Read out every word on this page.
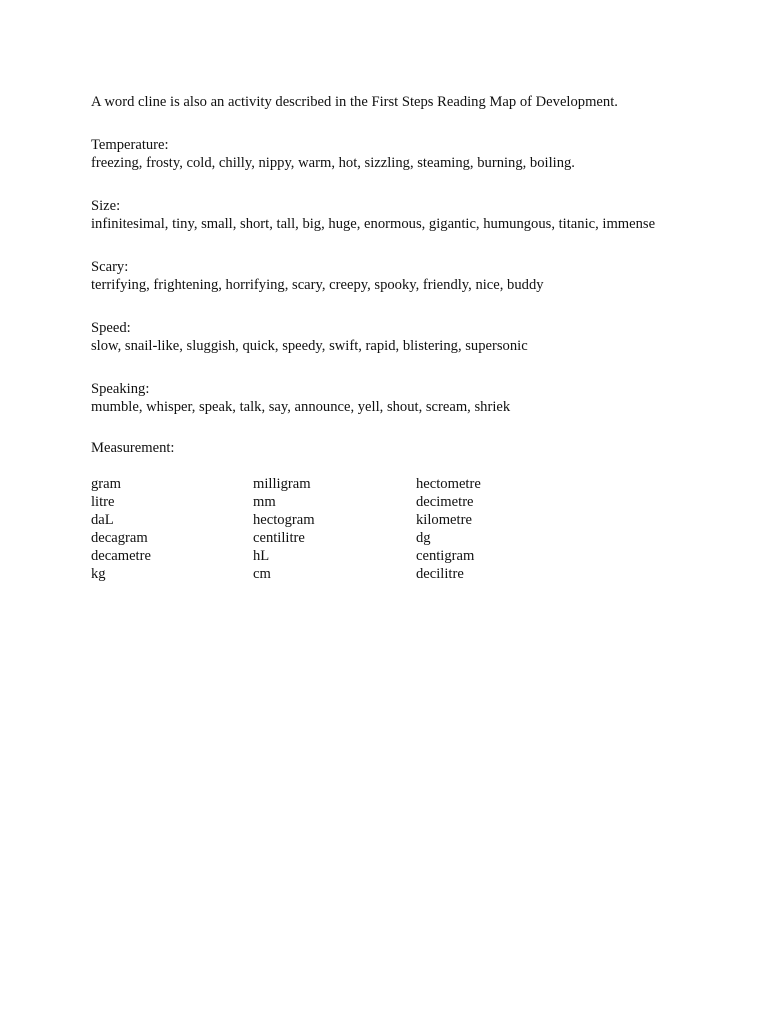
A word cline is also an activity described in the First Steps Reading Map of Development.
Temperature:
freezing, frosty, cold, chilly, nippy, warm, hot, sizzling, steaming, burning, boiling.
Size:
infinitesimal, tiny, small, short, tall, big, huge, enormous, gigantic, humungous, titanic, immense
Scary:
terrifying, frightening, horrifying, scary, creepy, spooky, friendly, nice, buddy
Speed:
slow, snail-like, sluggish, quick, speedy, swift, rapid, blistering, supersonic
Speaking:
mumble, whisper, speak, talk, say, announce, yell, shout, scream, shriek
Measurement:
gram	milligram	hectometre
litre	mm	decimetre
daL	hectogram	kilometre
decagram	centilitre	dg
decametre	hL	centigram
kg	cm	decilitre
